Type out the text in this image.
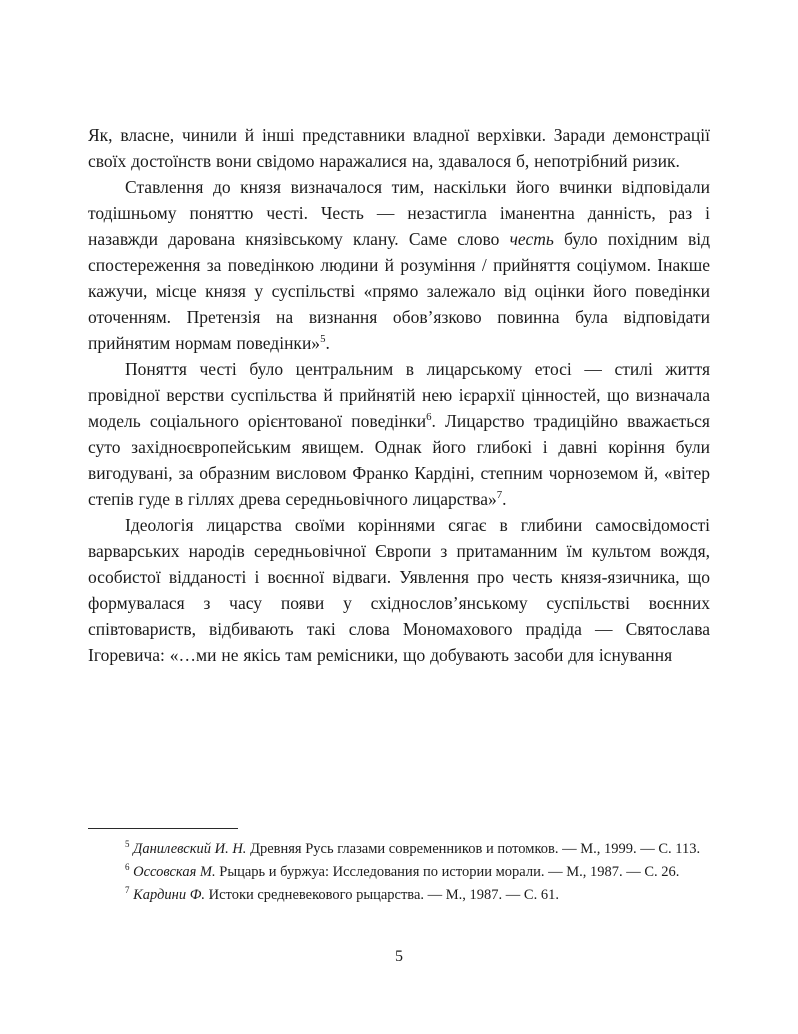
Як, власне, чинили й інші представники владної верхівки. Заради демонстрації своїх достоїнств вони свідомо наражалися на, здавалося б, непотрібний ризик.

Ставлення до князя визначалося тим, наскільки його вчинки відповідали тодішньому поняттю честі. Честь — незастигла іманентна данність, раз і назавжди дарована князівському клану. Саме слово честь було похідним від спостереження за поведінкою людини й розуміння / прийняття соціумом. Інакше кажучи, місце князя у суспільстві «прямо залежало від оцінки його поведінки оточенням. Претензія на визнання обов’язково повинна була відповідати прийнятим нормам поведінки»$^5$.

Поняття честі було центральним в лицарському етосі — стилі життя провідної верстви суспільства й прийнятій нею ієрархії цінностей, що визначала модель соціального орієнтованої поведінки$^6$. Лицарство традиційно вважається суто західноєвропейським явищем. Однак його глибокі і давні коріння були вигодувані, за образним висловом Франко Кардіні, степним чорноземом й, «вітер степів гуде в гіллях древа середньовічного лицарства»$^7$.

Ідеологія лицарства своїми коріннями сягає в глибини самосвідомості варварських народів середньовічної Європи з притаманним їм культом вождя, особистої відданості і воєнної відваги. Уявлення про честь князя-язичника, що формувалася з часу появи у східнослов’янському суспільстві воєнних співтовариств, відбивають такі слова Мономахового прадіда — Святослава Ігоревича: «…ми не якісь там ремісники, що добувають засоби для існування

$^5$ Данилевский И. Н. Древняя Русь глазами современников и потомков. — М., 1999. — С. 113.

$^6$ Оссовская М. Рыцарь и буржуа: Исследования по истории морали. — М., 1987. — С. 26.

$^7$ Кардини Ф. Истоки средневекового рыцарства. — М., 1987. — С. 61.

5
